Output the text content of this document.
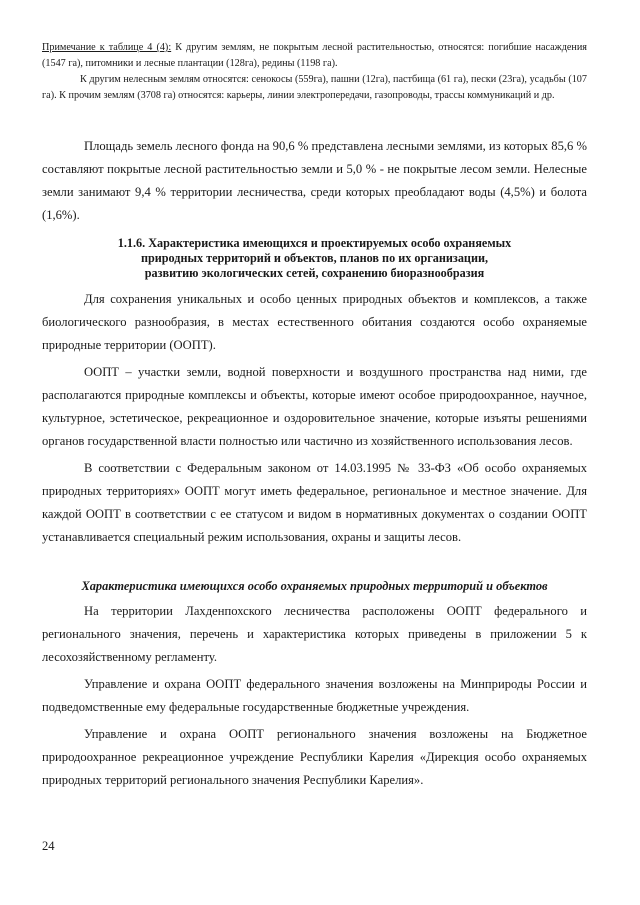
Примечание к таблице 4 (4): К другим землям, не покрытым лесной растительностью, относятся: погибшие насаждения (1547 га), питомники и лесные плантации (128га), редины (1198 га).

К другим нелесным землям относятся: сенокосы (559га), пашни (12га), пастбища (61 га), пески (23га), усадьбы (107 га). К прочим землям (3708 га) относятся: карьеры, линии электропередачи, газопроводы, трассы коммуникаций и др.

Площадь земель лесного фонда на 90,6 % представлена лесными землями, из которых 85,6 % составляют покрытые лесной растительностью земли и 5,0 % - не покрытые лесом земли. Нелесные земли занимают 9,4 % территории лесничества, среди которых преобладают воды (4,5%) и болота (1,6%).

1.1.6. Характеристика имеющихся и проектируемых особо охраняемых
природных территорий и объектов, планов по их организации,
развитию экологических сетей, сохранению биоразнообразия

Для сохранения уникальных и особо ценных природных объектов и комплексов, а также биологического разнообразия, в местах естественного обитания создаются особо охраняемые природные территории (ООПТ).

ООПТ – участки земли, водной поверхности и воздушного пространства над ними, где располагаются природные комплексы и объекты, которые имеют особое природоохранное, научное, культурное, эстетическое, рекреационное и оздоровительное значение, которые изъяты решениями органов государственной власти полностью или частично из хозяйственного использования лесов.

В соответствии с Федеральным законом от 14.03.1995 № 33-ФЗ «Об особо охраняемых природных территориях» ООПТ могут иметь федеральное, региональное и местное значение. Для каждой ООПТ в соответствии с ее статусом и видом в нормативных документах о создании ООПТ устанавливается специальный режим использования, охраны и защиты лесов.

Характеристика имеющихся особо охраняемых природных территорий и объектов

На территории Лахденпохского лесничества расположены ООПТ федерального и регионального значения, перечень и характеристика которых приведены в приложении 5 к лесохозяйственному регламенту.

Управление и охрана ООПТ федерального значения возложены на Минприроды России и подведомственные ему федеральные государственные бюджетные учреждения.

Управление и охрана ООПТ регионального значения возложены на Бюджетное природоохранное рекреационное учреждение Республики Карелия «Дирекция особо охраняемых природных территорий регионального значения Республики Карелия».

24
